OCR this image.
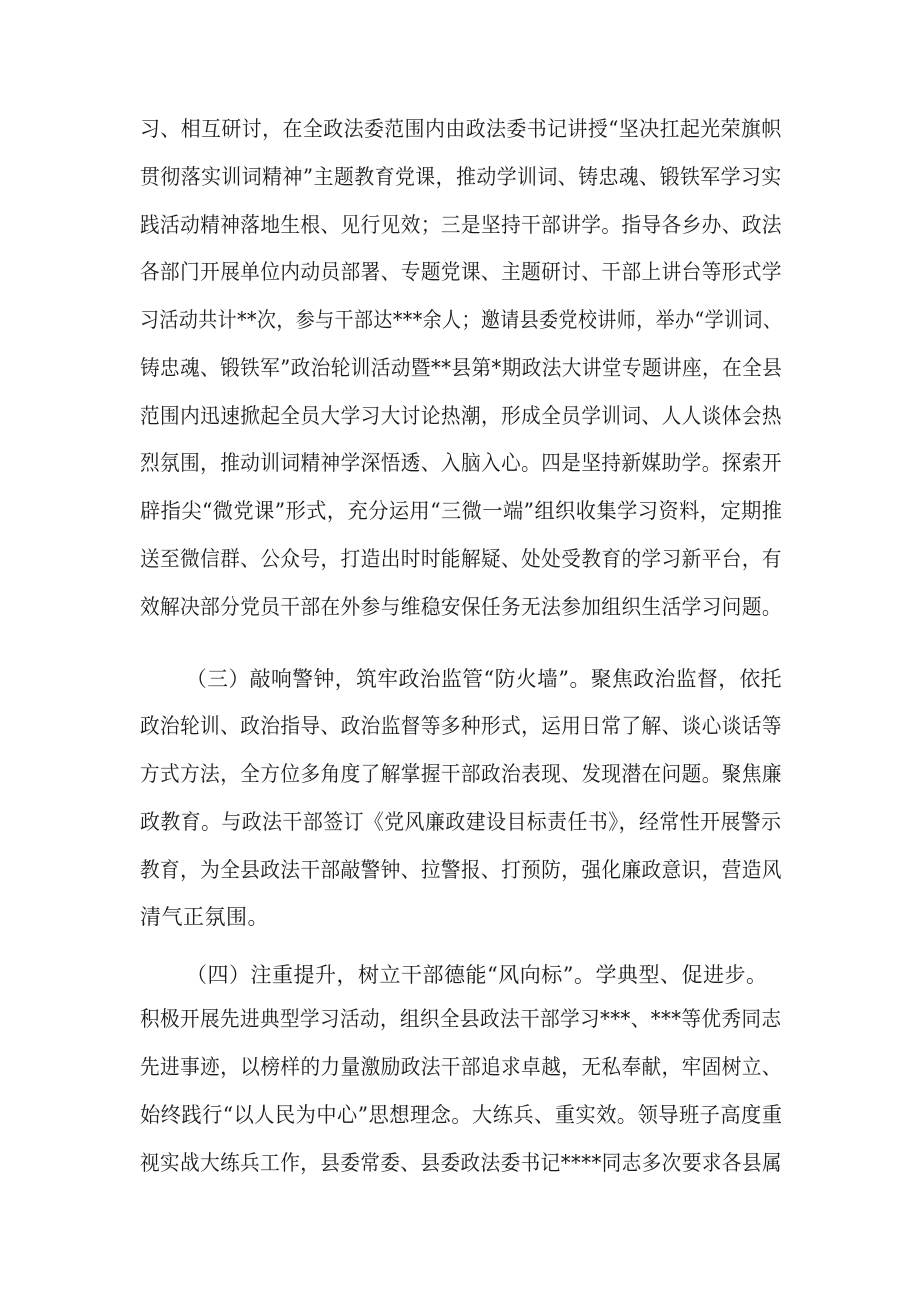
习、相互研讨，在全政法委范围内由政法委书记讲授“坚决扛起光荣旗帜
贯彻落实训词精神”主题教育党课，推动学训词、铸忠魂、锻铁军学习实
践活动精神落地生根、见行见效；三是坚持干部讲学。指导各乡办、政法
各部门开展单位内动员部署、专题党课、主题研讨、干部上讲台等形式学
习活动共计**次，参与干部达***余人；邀请县委党校讲师，举办“学训词、
铸忠魂、锻铁军”政治轮训活动暨**县第*期政法大讲堂专题讲座，在全县
范围内迅速掀起全员大学习大讨论热潮，形成全员学训词、人人谈体会热
烈氛围，推动训词精神学深悟透、入脑入心。四是坚持新媒助学。探索开
辟指尖“微党课”形式，充分运用“三微一端”组织收集学习资料，定期推
送至微信群、公众号，打造出时时能解疑、处处受教育的学习新平台，有
效解决部分党员干部在外参与维稳安保任务无法参加组织生活学习问题。
（三）敲响警钟，筑牢政治监管“防火墙”。聚焦政治监督，依托
政治轮训、政治指导、政治监督等多种形式，运用日常了解、谈心谈话等
方式方法，全方位多角度了解掌握干部政治表现、发现潜在问题。聚焦廉
政教育。与政法干部签订《党风廉政建设目标责任书》，经常性开展警示
教育，为全县政法干部敲警钟、拉警报、打预防，强化廉政意识，营造风
清气正氛围。
（四）注重提升，树立干部德能“风向标”。学典型、促进步。
积极开展先进典型学习活动，组织全县政法干部学习***、***等优秀同志
先进事迹，以榜样的力量激励政法干部追求卓越，无私奉献，牢固树立、
始终践行“以人民为中心”思想理念。大练兵、重实效。领导班子高度重
视实战大练兵工作，县委常委、县委政法委书记****同志多次要求各县属
